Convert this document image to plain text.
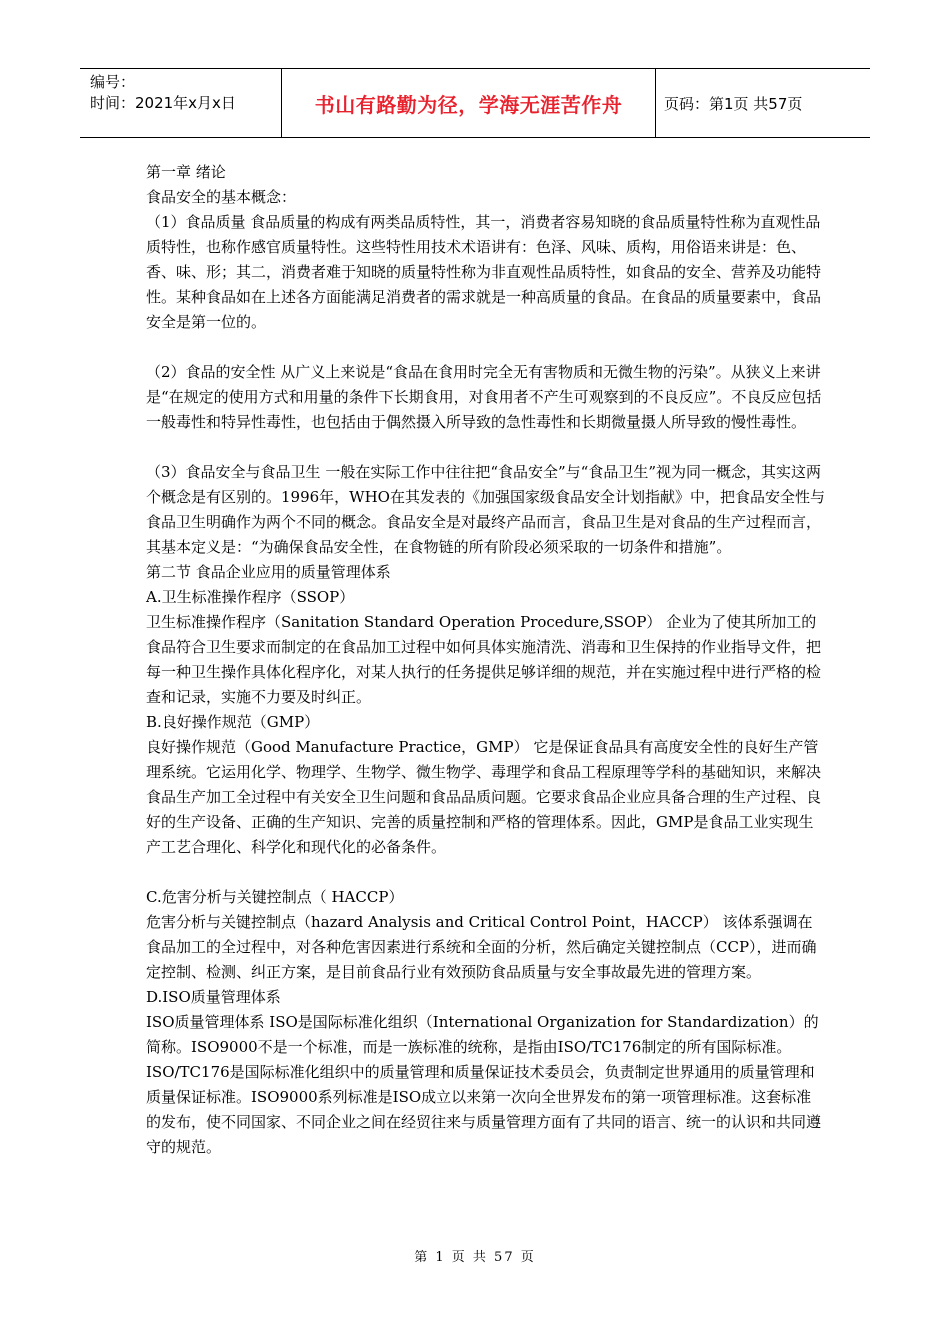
编号：
时间：2021年x月x日	书山有路勤为径，学海无涯苦作舟	页码：第1页 共57页

第一章 绪论

食品安全的基本概念：

（1）食品质量 食品质量的构成有两类品质特性，其一，消费者容易知晓的食品质量特性称为直观性品质特性，也称作感官质量特性。这些特性用技术术语讲有：色泽、风味、质构，用俗语来讲是：色、香、味、形；其二，消费者难于知晓的质量特性称为非直观性品质特性，如食品的安全、营养及功能特性。某种食品如在上述各方面能满足消费者的需求就是一种高质量的食品。在食品的质量要素中，食品安全是第一位的。

（2）食品的安全性 从广义上来说是“食品在食用时完全无有害物质和无微生物的污染”。从狭义上来讲是“在规定的使用方式和用量的条件下长期食用，对食用者不产生可观察到的不良反应”。不良反应包括一般毒性和特异性毒性，也包括由于偶然摄入所导致的急性毒性和长期微量摄人所导致的慢性毒性。

（3）食品安全与食品卫生 一般在实际工作中往往把“食品安全”与“食品卫生”视为同一概念，其实这两个概念是有区别的。1996年，WHO在其发表的《加强国家级食品安全计划指献》中，把食品安全性与食品卫生明确作为两个不同的概念。食品安全是对最终产品而言，食品卫生是对食品的生产过程而言，其基本定义是：“为确保食品安全性，在食物链的所有阶段必须采取的一切条件和措施”。

第二节 食品企业应用的质量管理体系

A.卫生标准操作程序（SSOP）

卫生标准操作程序（Sanitation Standard Operation Procedure,SSOP） 企业为了使其所加工的食品符合卫生要求而制定的在食品加工过程中如何具体实施清洗、消毒和卫生保持的作业指导文件，把每一种卫生操作具体化程序化，对某人执行的任务提供足够详细的规范，并在实施过程中进行严格的检查和记录，实施不力要及时纠正。

B.良好操作规范（GMP）

良好操作规范（Good Manufacture Practice，GMP） 它是保证食品具有高度安全性的良好生产管理系统。它运用化学、物理学、生物学、微生物学、毒理学和食品工程原理等学科的基础知识，来解决食品生产加工全过程中有关安全卫生问题和食品品质问题。它要求食品企业应具备合理的生产过程、良好的生产设备、正确的生产知识、完善的质量控制和严格的管理体系。因此，GMP是食品工业实现生产工艺合理化、科学化和现代化的必备条件。

C.危害分析与关键控制点（ HACCP）

危害分析与关键控制点（hazard Analysis and Critical Control Point，HACCP） 该体系强调在食品加工的全过程中，对各种危害因素进行系统和全面的分析，然后确定关键控制点（CCP），进而确定控制、检测、纠正方案，是目前食品行业有效预防食品质量与安全事故最先进的管理方案。

D.ISO质量管理体系

ISO质量管理体系 ISO是国际标准化组织（International Organization for Standardization）的简称。ISO9000不是一个标准，而是一族标准的统称，是指由ISO/TC176制定的所有国际标准。ISO/TC176是国际标准化组织中的质量管理和质量保证技术委员会，负责制定世界通用的质量管理和质量保证标准。ISO9000系列标准是ISO成立以来第一次向全世界发布的第一项管理标准。这套标准的发布，使不同国家、不同企业之间在经贸往来与质量管理方面有了共同的语言、统一的认识和共同遵守的规范。

第 1 页 共 57 页
